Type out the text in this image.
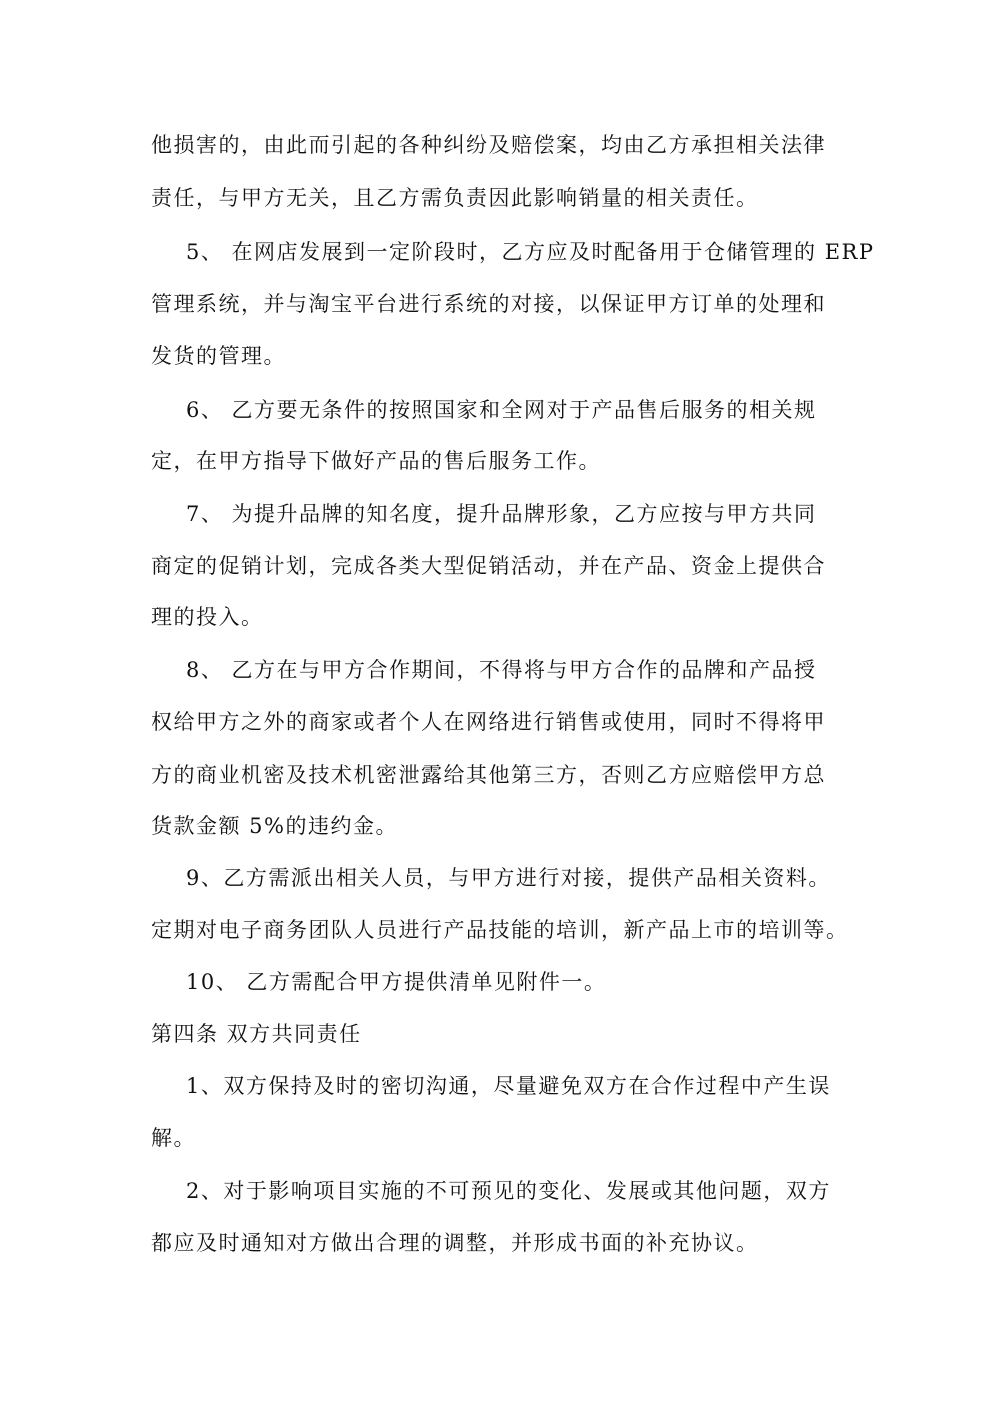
他损害的，由此而引起的各种纠纷及赔偿案，均由乙方承担相关法律
责任，与甲方无关，且乙方需负责因此影响销量的相关责任。
5、 在网店发展到一定阶段时，乙方应及时配备用于仓储管理的 ERP
管理系统，并与淘宝平台进行系统的对接，以保证甲方订单的处理和
发货的管理。
6、 乙方要无条件的按照国家和全网对于产品售后服务的相关规
定，在甲方指导下做好产品的售后服务工作。
7、 为提升品牌的知名度，提升品牌形象，乙方应按与甲方共同
商定的促销计划，完成各类大型促销活动，并在产品、资金上提供合
理的投入。
8、 乙方在与甲方合作期间，不得将与甲方合作的品牌和产品授
权给甲方之外的商家或者个人在网络进行销售或使用，同时不得将甲
方的商业机密及技术机密泄露给其他第三方，否则乙方应赔偿甲方总
货款金额 5%的违约金。
9、乙方需派出相关人员，与甲方进行对接，提供产品相关资料。
定期对电子商务团队人员进行产品技能的培训，新产品上市的培训等。
10、 乙方需配合甲方提供清单见附件一。
第四条 双方共同责任
1、双方保持及时的密切沟通，尽量避免双方在合作过程中产生误
解。
2、对于影响项目实施的不可预见的变化、发展或其他问题，双方
都应及时通知对方做出合理的调整，并形成书面的补充协议。
